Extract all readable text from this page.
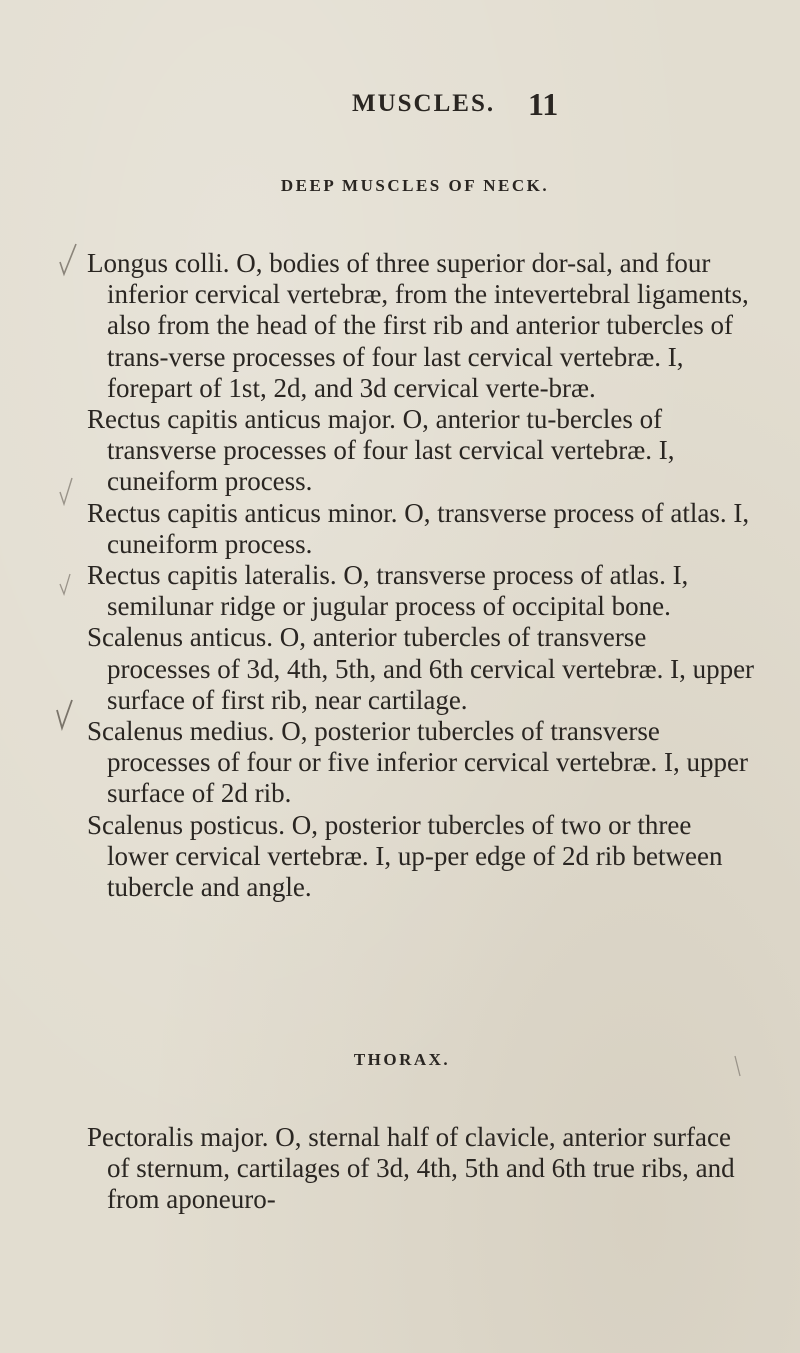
MUSCLES. 11
DEEP MUSCLES OF NECK.

Longus colli. O, bodies of three superior dor-sal, and four inferior cervical vertebræ, from the intevertebral ligaments, also from the head of the first rib and anterior tubercles of trans-verse processes of four last cervical vertebræ. I, forepart of 1st, 2d, and 3d cervical verte-bræ.

Rectus capitis anticus major. O, anterior tu-bercles of transverse processes of four last cervical vertebræ. I, cuneiform process.

Rectus capitis anticus minor. O, transverse process of atlas. I, cuneiform process.

Rectus capitis lateralis. O, transverse process of atlas. I, semilunar ridge or jugular process of occipital bone.

Scalenus anticus. O, anterior tubercles of transverse processes of 3d, 4th, 5th, and 6th cervical vertebræ. I, upper surface of first rib, near cartilage.

Scalenus medius. O, posterior tubercles of transverse processes of four or five inferior cervical vertebræ. I, upper surface of 2d rib.

Scalenus posticus. O, posterior tubercles of two or three lower cervical vertebræ. I, up-per edge of 2d rib between tubercle and angle.

THORAX.

Pectoralis major. O, sternal half of clavicle, anterior surface of sternum, cartilages of 3d, 4th, 5th and 6th true ribs, and from aponeuro-
